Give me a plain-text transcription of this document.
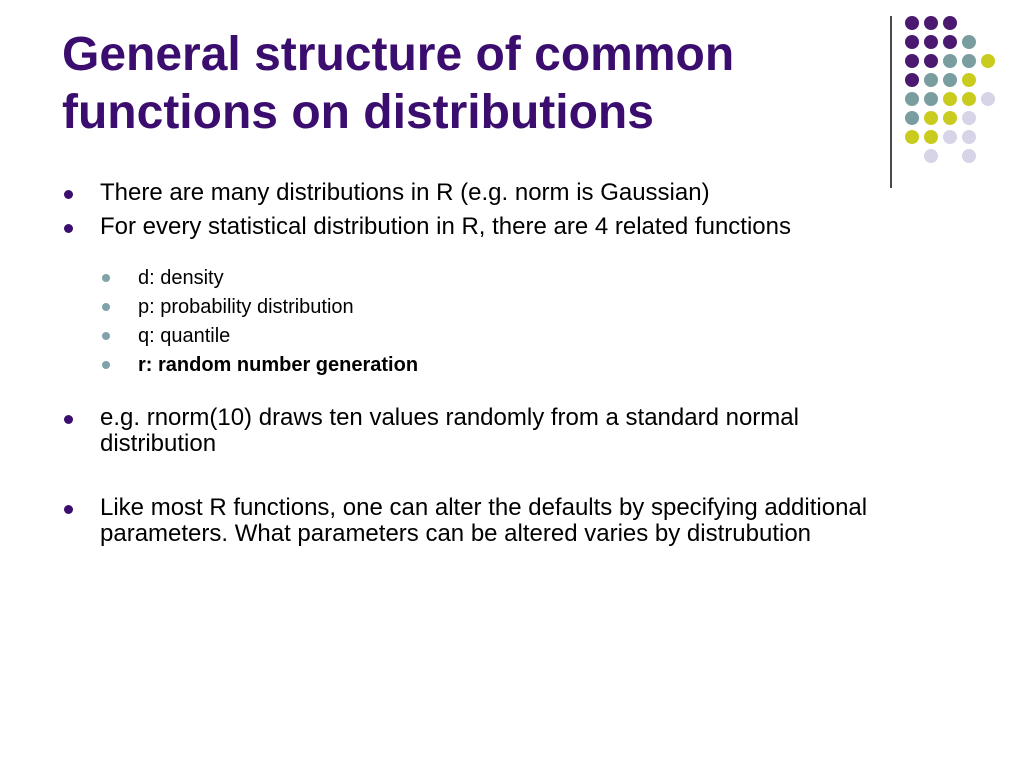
General structure of common
functions on distributions
There are many distributions in R (e.g. norm is Gaussian)
For every statistical distribution in R, there are 4 related functions
d: density
p: probability distribution
q: quantile
r: random number generation
e.g. rnorm(10) draws ten values randomly from a standard normal distribution
Like most R functions, one can alter the defaults by specifying additional parameters. What parameters can be altered varies by distrubution
